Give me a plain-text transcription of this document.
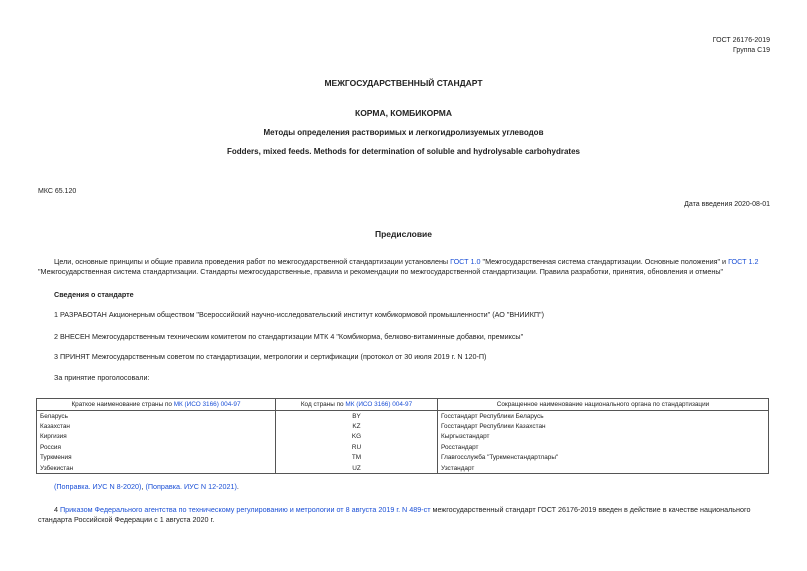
ГОСТ 26176-2019
Группа С19
МЕЖГОСУДАРСТВЕННЫЙ СТАНДАРТ
КОРМА, КОМБИКОРМА
Методы определения растворимых и легкогидролизуемых углеводов
Fodders, mixed feeds. Methods for determination of soluble and hydrolysable carbohydrates
МКС 65.120
Дата введения 2020-08-01
Предисловие
Цели, основные принципы и общие правила проведения работ по межгосударственной стандартизации установлены ГОСТ 1.0 "Межгосударственная система стандартизации. Основные положения" и ГОСТ 1.2
"Межгосударственная система стандартизации. Стандарты межгосударственные, правила и рекомендации по межгосударственной стандартизации. Правила разработки, принятия, обновления и отмены"
Сведения о стандарте
1 РАЗРАБОТАН Акционерным обществом "Всероссийский научно-исследовательский институт комбикормовой промышленности" (АО "ВНИИКП")
2 ВНЕСЕН Межгосударственным техническим комитетом по стандартизации МТК 4 "Комбикорма, белково-витаминные добавки, премиксы"
3 ПРИНЯТ Межгосударственным советом по стандартизации, метрологии и сертификации (протокол от 30 июля 2019 г. N 120-П)
За принятие проголосовали:
Краткое наименование страны по МК (ИСО 3166) 004-97	Код страны по МК (ИСО 3166) 004-97	Сокращенное наименование национального органа по стандартизации
Беларусь	BY	Госстандарт Республики Беларусь
Казахстан	KZ	Госстандарт Республики Казахстан
Киргизия	KG	Кыргызстандарт
Россия	RU	Росстандарт
Туркмения	TM	Главгосслужба "Туркменстандартлары"
Узбекистан	UZ	Узстандарт
(Поправка. ИУС N 8-2020), (Поправка. ИУС N 12-2021).
4 Приказом Федерального агентства по техническому регулированию и метрологии от 8 августа 2019 г. N 489-ст межгосударственный стандарт ГОСТ 26176-2019 введен в действие в качестве национального
стандарта Российской Федерации с 1 августа 2020 г.
